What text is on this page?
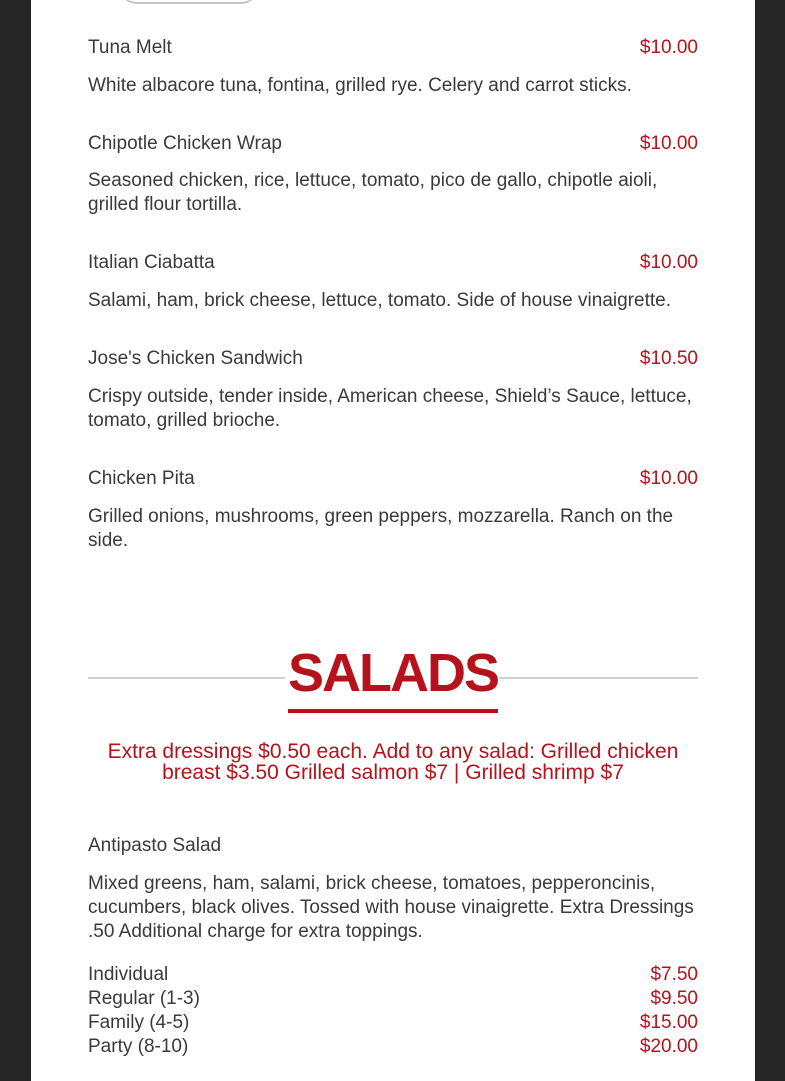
Tuna Melt	$10.00
White albacore tuna, fontina, grilled rye. Celery and carrot sticks.
Chipotle Chicken Wrap	$10.00
Seasoned chicken, rice, lettuce, tomato, pico de gallo, chipotle aioli, grilled flour tortilla.
Italian Ciabatta	$10.00
Salami, ham, brick cheese, lettuce, tomato. Side of house vinaigrette.
Jose's Chicken Sandwich	$10.50
Crispy outside, tender inside, American cheese, Shield’s Sauce, lettuce, tomato, grilled brioche.
Chicken Pita	$10.00
Grilled onions, mushrooms, green peppers, mozzarella. Ranch on the side.
SALADS
Extra dressings $0.50 each. Add to any salad: Grilled chicken breast $3.50 Grilled salmon $7 | Grilled shrimp $7
Antipasto Salad
Mixed greens, ham, salami, brick cheese, tomatoes, pepperoncinis, cucumbers, black olives. Tossed with house vinaigrette. Extra Dressings .50 Additional charge for extra toppings.
Individual	$7.50
Regular (1-3)	$9.50
Family (4-5)	$15.00
Party (8-10)	$20.00
